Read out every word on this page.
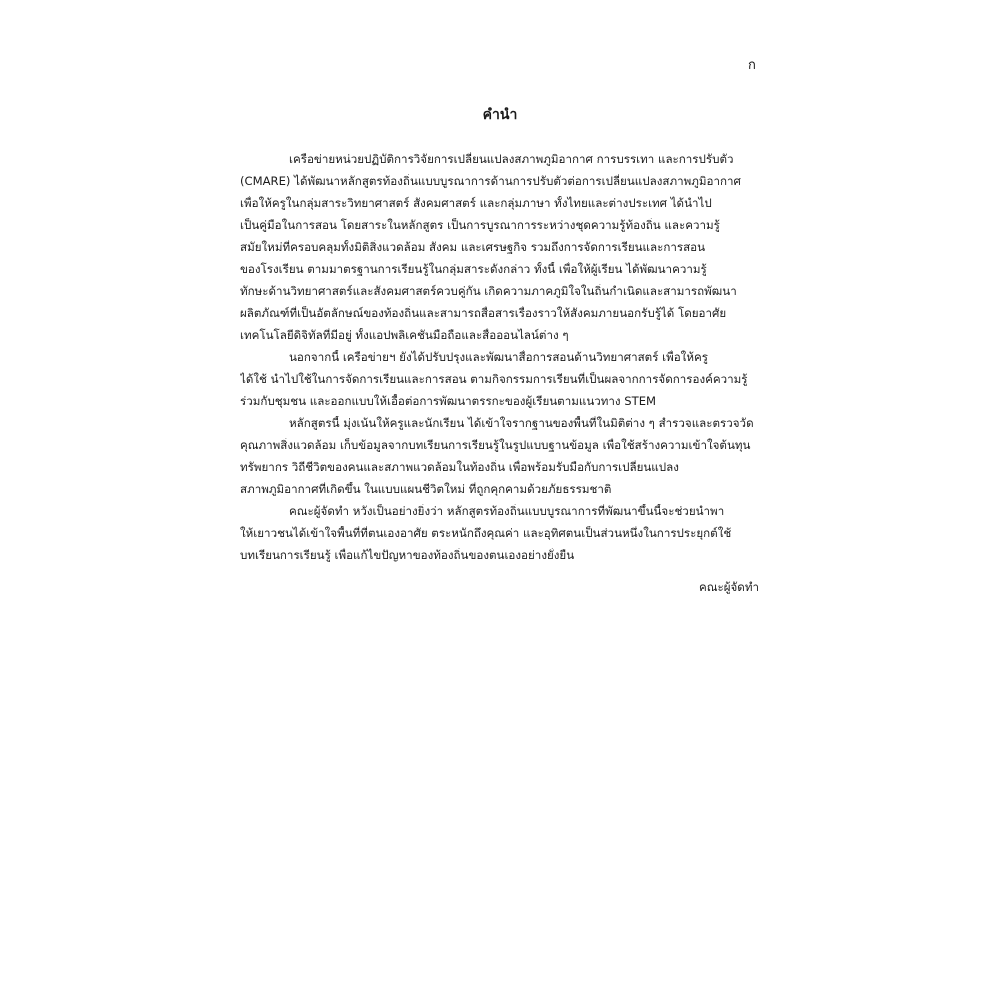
ก
คำนำ
เครือข่ายหน่วยปฏิบัติการวิจัยการเปลี่ยนแปลงสภาพภูมิอากาศ การบรรเทา และการปรับตัว
(CMARE) ได้พัฒนาหลักสูตรท้องถิ่นแบบบูรณาการด้านการปรับตัวต่อการเปลี่ยนแปลงสภาพภูมิอากาศ
เพื่อให้ครูในกลุ่มสาระวิทยาศาสตร์ สังคมศาสตร์ และกลุ่มภาษา ทั้งไทยและต่างประเทศ ได้นำไป
เป็นคู่มือในการสอน โดยสาระในหลักสูตร เป็นการบูรณาการระหว่างชุดความรู้ท้องถิ่น และความรู้
สมัยใหม่ที่ครอบคลุมทั้งมิติสิ่งแวดล้อม สังคม และเศรษฐกิจ รวมถึงการจัดการเรียนและการสอน
ของโรงเรียน ตามมาตรฐานการเรียนรู้ในกลุ่มสาระดังกล่าว ทั้งนี้ เพื่อให้ผู้เรียน ได้พัฒนาความรู้
ทักษะด้านวิทยาศาสตร์และสังคมศาสตร์ควบคู่กัน เกิดความภาคภูมิใจในถิ่นกำเนิดและสามารถพัฒนา
ผลิตภัณฑ์ที่เป็นอัตลักษณ์ของท้องถิ่นและสามารถสื่อสารเรื่องราวให้สังคมภายนอกรับรู้ได้ โดยอาศัย
เทคโนโลยีดิจิทัลที่มีอยู่ ทั้งแอปพลิเคชันมือถือและสื่อออนไลน์ต่าง ๆ
นอกจากนี้ เครือข่ายฯ ยังได้ปรับปรุงและพัฒนาสื่อการสอนด้านวิทยาศาสตร์ เพื่อให้ครู
ได้ใช้ นำไปใช้ในการจัดการเรียนและการสอน ตามกิจกรรมการเรียนที่เป็นผลจากการจัดการองค์ความรู้
ร่วมกับชุมชน และออกแบบให้เอื้อต่อการพัฒนาตรรกะของผู้เรียนตามแนวทาง STEM
หลักสูตรนี้ มุ่งเน้นให้ครูและนักเรียน ได้เข้าใจรากฐานของพื้นที่ในมิติต่าง ๆ สำรวจและตรวจวัด
คุณภาพสิ่งแวดล้อม เก็บข้อมูลจากบทเรียนการเรียนรู้ในรูปแบบฐานข้อมูล เพื่อใช้สร้างความเข้าใจต้นทุน
ทรัพยากร วิถีชีวิตของคนและสภาพแวดล้อมในท้องถิ่น เพื่อพร้อมรับมือกับการเปลี่ยนแปลง
สภาพภูมิอากาศที่เกิดขึ้น ในแบบแผนชีวิตใหม่ ที่ถูกคุกคามด้วยภัยธรรมชาติ
คณะผู้จัดทำ หวังเป็นอย่างยิ่งว่า หลักสูตรท้องถิ่นแบบบูรณาการที่พัฒนาขึ้นนี้จะช่วยนำพา
ให้เยาวชนได้เข้าใจพื้นที่ที่ตนเองอาศัย ตระหนักถึงคุณค่า และอุทิศตนเป็นส่วนหนึ่งในการประยุกต์ใช้
บทเรียนการเรียนรู้ เพื่อแก้ไขปัญหาของท้องถิ่นของตนเองอย่างยั่งยืน
คณะผู้จัดทำ
